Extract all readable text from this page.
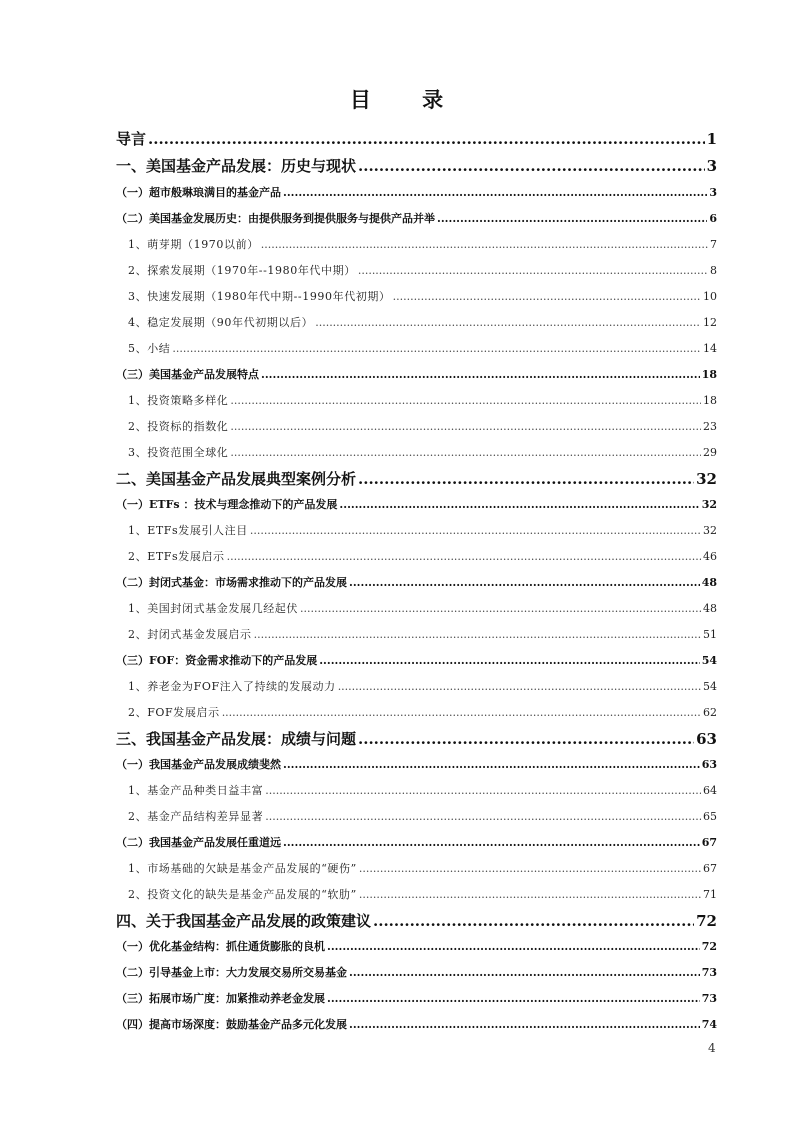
目 录
导言 .....	1
一、美国基金产品发展：历史与现状 .....	3
（一）超市般琳琅满目的基金产品 .....	3
（二）美国基金发展历史：由提供服务到提供服务与提供产品并举 .....	6
1、萌芽期（1970以前） .....	7
2、探索发展期（1970年--1980年代中期） .....	8
3、快速发展期（1980年代中期--1990年代初期） .....	10
4、稳定发展期（90年代初期以后） .....	12
5、小结 .....	14
（三）美国基金产品发展特点 .....	18
1、投资策略多样化 .....	18
2、投资标的指数化 .....	23
3、投资范围全球化 .....	29
二、美国基金产品发展典型案例分析 .....	32
（一）ETFs ：技术与理念推动下的产品发展 .....	32
1、ETFs发展引人注目 .....	32
2、ETFs发展启示 .....	46
（二）封闭式基金：市场需求推动下的产品发展 .....	48
1、美国封闭式基金发展几经起伏 .....	48
2、封闭式基金发展启示 .....	51
（三）FOF：资金需求推动下的产品发展 .....	54
1、养老金为FOF注入了持续的发展动力 .....	54
2、FOF发展启示 .....	62
三、我国基金产品发展：成绩与问题 .....	63
（一）我国基金产品发展成绩斐然 .....	63
1、基金产品种类日益丰富 .....	64
2、基金产品结构差异显著 .....	65
（二）我国基金产品发展任重道远 .....	67
1、市场基础的欠缺是基金产品发展的“硬伤” .....	67
2、投资文化的缺失是基金产品发展的“软肋” .....	71
四、关于我国基金产品发展的政策建议 .....	72
（一）优化基金结构：抓住通货膨胀的良机 .....	72
（二）引导基金上市：大力发展交易所交易基金 .....	73
（三）拓展市场广度：加紧推动养老金发展 .....	73
（四）提高市场深度：鼓励基金产品多元化发展 .....	74
4
